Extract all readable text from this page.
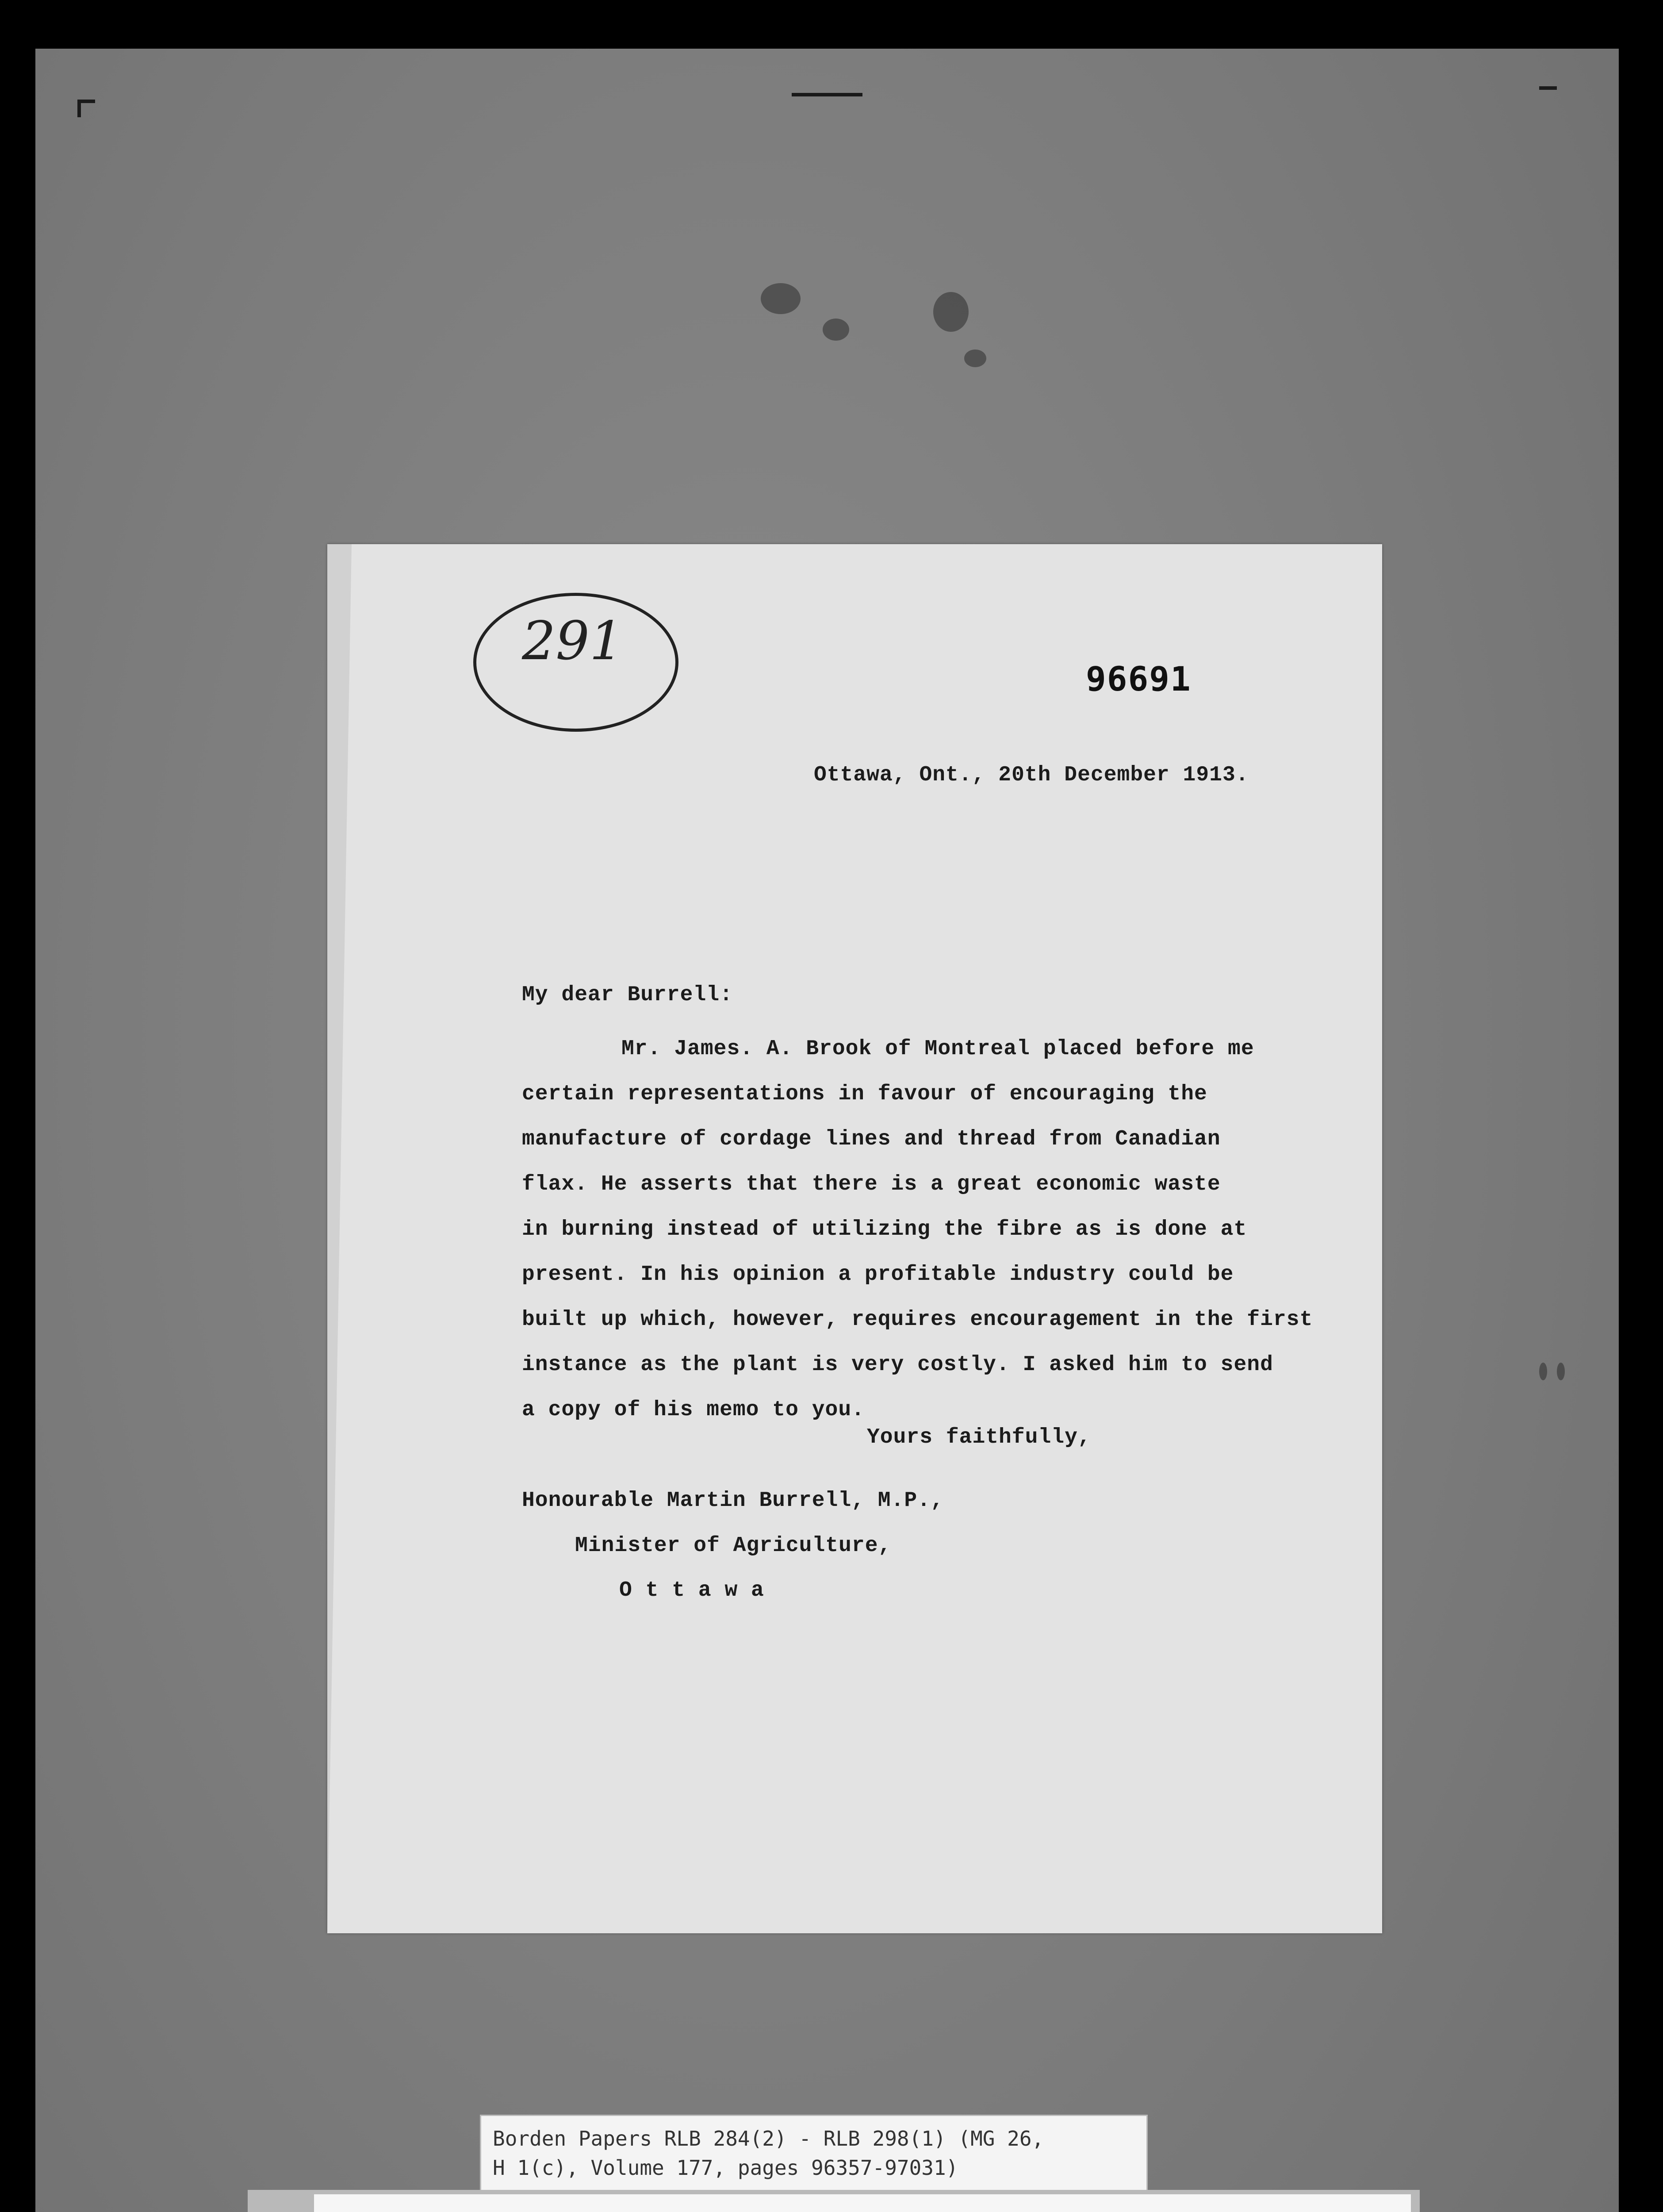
291
96691
Ottawa, Ont., 20th December 1913.
My dear Burrell:
Mr. James. A. Brook of Montreal placed before me
certain representations in favour of encouraging the
manufacture of cordage lines and thread from Canadian
flax. He asserts that there is a great economic waste
in burning instead of utilizing the fibre as is done at
present. In his opinion a profitable industry could be
built up which, however, requires encouragement in the first
instance as the plant is very costly. I asked him to send
a copy of his memo to you.
Yours faithfully,
Honourable Martin Burrell, M.P.,
Minister of Agriculture,
O t t a w a
Borden Papers RLB 284(2) - RLB 298(1) (MG 26,
H 1(c), Volume 177, pages 96357-97031)
